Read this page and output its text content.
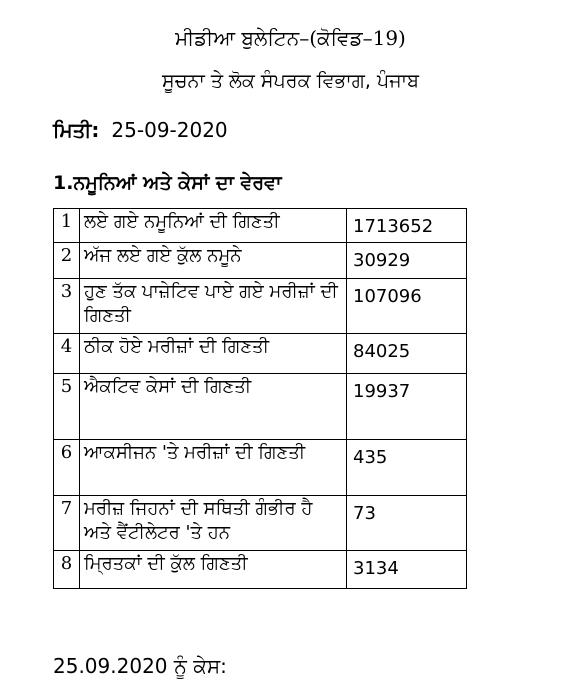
ਮੀਡੀਆ ਬੁਲੇਟਿਨ–(ਕੋਵਿਡ–19)
ਸੂਚਨਾ ਤੇ ਲੋਕ ਸੰਪਰਕ ਵਿਭਾਗ, ਪੰਜਾਬ
ਮਿਤੀ: 25-09-2020
1.ਨਮੂਨਿਆਂ ਅਤੇ ਕੇਸਾਂ ਦਾ ਵੇਰਵਾ
1	ਲਏ ਗਏ ਨਮੂਨਿਆਂ ਦੀ ਗਿਣਤੀ	1713652
2	ਅੱਜ ਲਏ ਗਏ ਕੁੱਲ ਨਮੂਨੇ	30929
3	ਹੁਣ ਤੱਕ ਪਾਜ਼ੇਟਿਵ ਪਾਏ ਗਏ ਮਰੀਜ਼ਾਂ ਦੀ ਗਿਣਤੀ	107096
4	ਠੀਕ ਹੋਏ ਮਰੀਜ਼ਾਂ ਦੀ ਗਿਣਤੀ	84025
5	ਐਕਟਿਵ ਕੇਸਾਂ ਦੀ ਗਿਣਤੀ	19937
6	ਆਕਸੀਜਨ 'ਤੇ ਮਰੀਜ਼ਾਂ ਦੀ ਗਿਣਤੀ	435
7	ਮਰੀਜ਼ ਜਿਹਨਾਂ ਦੀ ਸਥਿਤੀ ਗੰਭੀਰ ਹੈ ਅਤੇ ਵੈਂਟੀਲੇਟਰ 'ਤੇ ਹਨ	73
8	ਮ੍ਰਿਤਕਾਂ ਦੀ ਕੁੱਲ ਗਿਣਤੀ	3134
25.09.2020 ਨੂੰ ਕੇਸ:
